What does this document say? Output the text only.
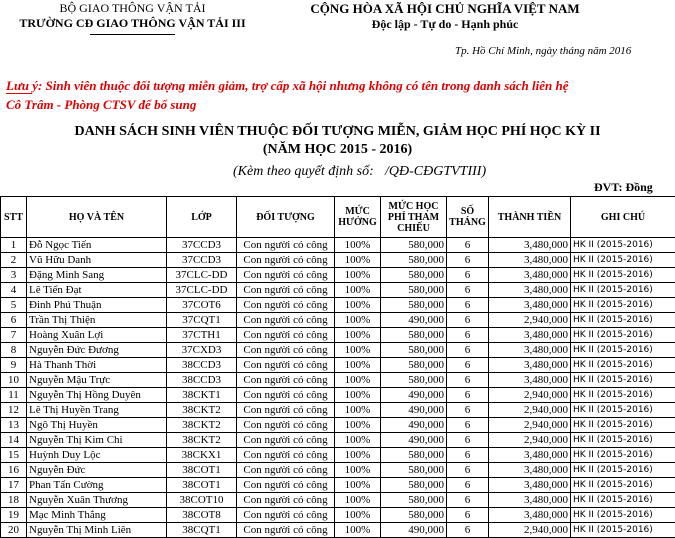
BỘ GIAO THÔNG VẬN TẢI
TRƯỜNG CĐ GIAO THÔNG VẬN TẢI III
CỘNG HÒA XÃ HỘI CHỦ NGHĨA VIỆT NAM
Độc lập - Tự do - Hạnh phúc
Tp. Hồ Chí Minh, ngày tháng năm 2016
Lưu ý: Sinh viên thuộc đối tượng miễn giảm, trợ cấp xã hội nhưng không có tên trong danh sách liên hệ
Cô Trâm - Phòng CTSV để bổ sung
DANH SÁCH SINH VIÊN THUỘC ĐỐI TƯỢNG MIỄN, GIẢM HỌC PHÍ HỌC KỲ II
(NĂM HỌC 2015 - 2016)
(Kèm theo quyết định số: /QĐ-CĐGTVTIII)
ĐVT: Đồng
STT	HỌ VÀ TÊN	LỚP	ĐỐI TƯỢNG	MỨC HƯỞNG	MỨC HỌC PHÍ THAM CHIẾU	SỐ THÁNG	THÀNH TIỀN	GHI CHÚ
1	Đỗ Ngọc Tiến	37CCD3	Con người có công	100%	580,000	6	3,480,000	HK II (2015-2016)
2	Vũ Hữu Danh	37CCD3	Con người có công	100%	580,000	6	3,480,000	HK II (2015-2016)
3	Đặng Minh Sang	37CLC-DD	Con người có công	100%	580,000	6	3,480,000	HK II (2015-2016)
4	Lê Tiến Đạt	37CLC-DD	Con người có công	100%	580,000	6	3,480,000	HK II (2015-2016)
5	Đinh Phú Thuận	37COT6	Con người có công	100%	580,000	6	3,480,000	HK II (2015-2016)
6	Trần Thị Thiện	37CQT1	Con người có công	100%	490,000	6	2,940,000	HK II (2015-2016)
7	Hoàng Xuân Lợi	37CTH1	Con người có công	100%	580,000	6	3,480,000	HK II (2015-2016)
8	Nguyễn Đức Đương	37CXD3	Con người có công	100%	580,000	6	3,480,000	HK II (2015-2016)
9	Hà Thanh Thời	38CCD3	Con người có công	100%	580,000	6	3,480,000	HK II (2015-2016)
10	Nguyễn Mậu Trực	38CCD3	Con người có công	100%	580,000	6	3,480,000	HK II (2015-2016)
11	Nguyễn Thị Hồng Duyên	38CKT1	Con người có công	100%	490,000	6	2,940,000	HK II (2015-2016)
12	Lê Thị Huyền Trang	38CKT2	Con người có công	100%	490,000	6	2,940,000	HK II (2015-2016)
13	Ngô Thị Huyền	38CKT2	Con người có công	100%	490,000	6	2,940,000	HK II (2015-2016)
14	Nguyễn Thị Kim Chi	38CKT2	Con người có công	100%	490,000	6	2,940,000	HK II (2015-2016)
15	Huỳnh Duy Lộc	38CKX1	Con người có công	100%	580,000	6	3,480,000	HK II (2015-2016)
16	Nguyễn Đức	38COT1	Con người có công	100%	580,000	6	3,480,000	HK II (2015-2016)
17	Phan Tấn Cường	38COT1	Con người có công	100%	580,000	6	3,480,000	HK II (2015-2016)
18	Nguyễn Xuân Thương	38COT10	Con người có công	100%	580,000	6	3,480,000	HK II (2015-2016)
19	Mạc Minh Thắng	38COT8	Con người có công	100%	580,000	6	3,480,000	HK II (2015-2016)
20	Nguyễn Thị Minh Liên	38CQT1	Con người có công	100%	490,000	6	2,940,000	HK II (2015-2016)
